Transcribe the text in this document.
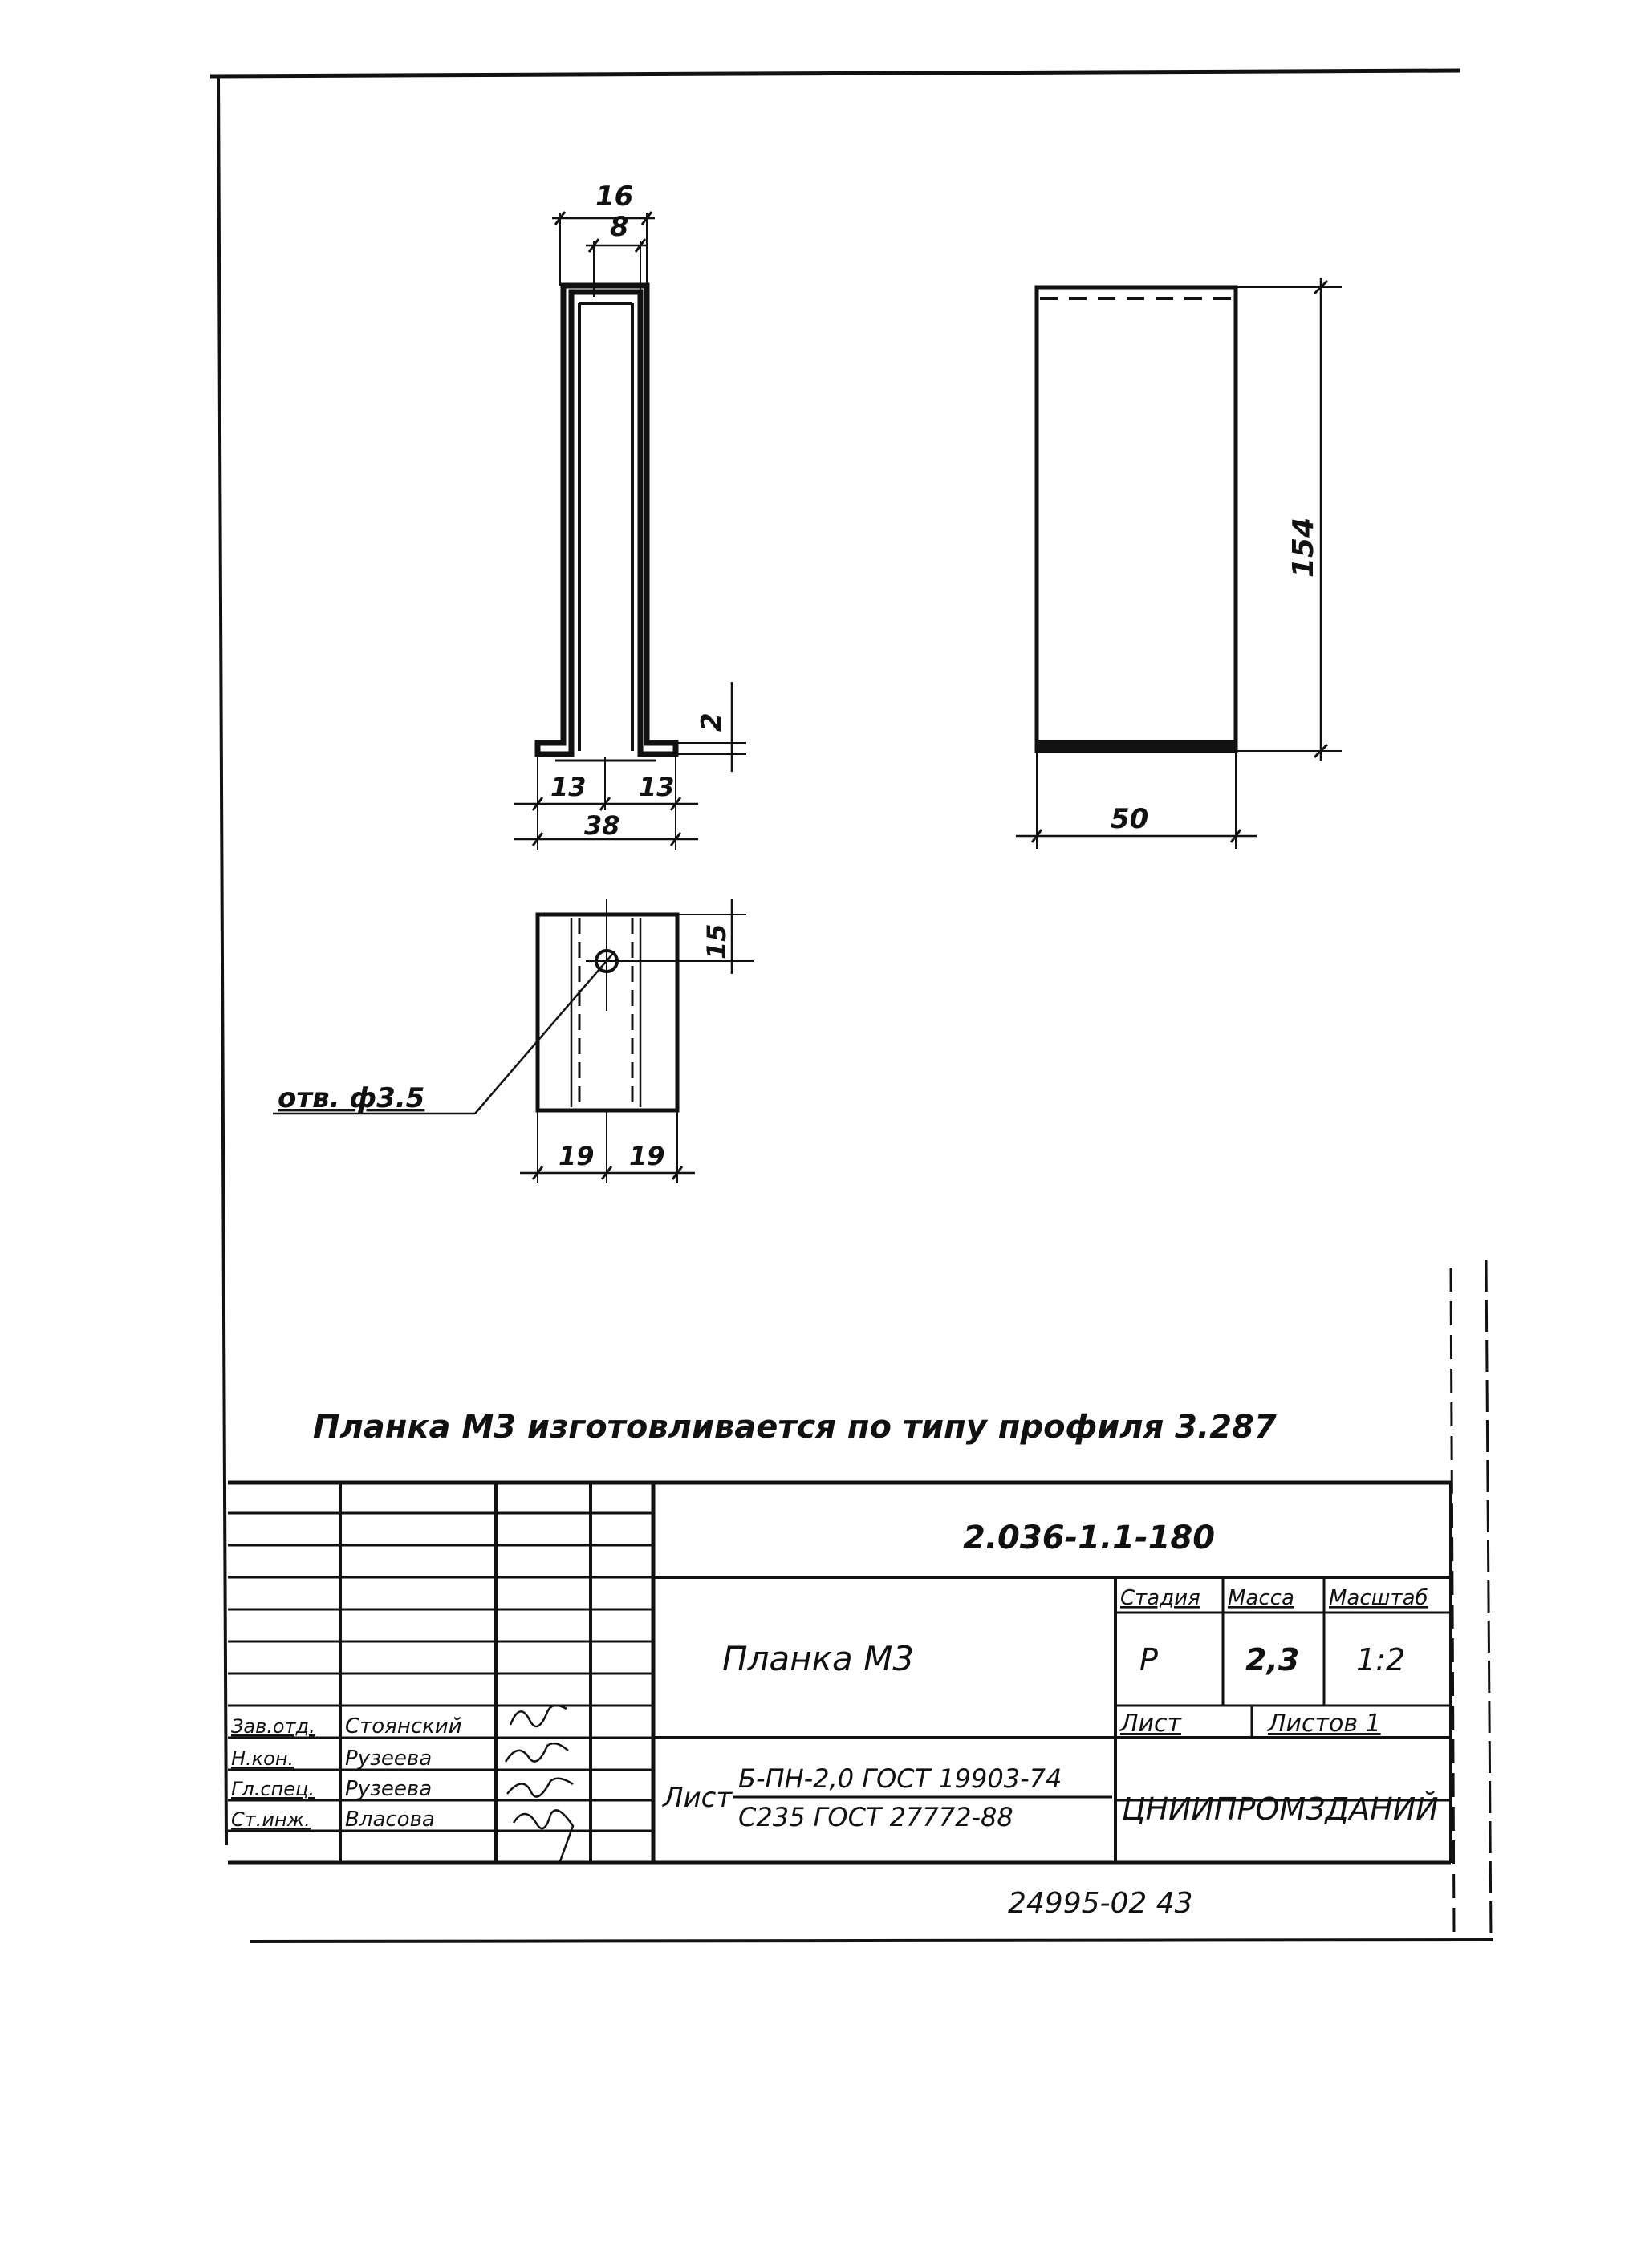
16
8
2
13 13
38
154
50
15
отв. ф3.5
19 19
Планка М3 изготовливается по типу профиля 3.287
2.036-1.1-180
Планка М3
Стадия Масса Масштаб
Р	2,3 1:2
Лист	Листов 1
Лист
Б-ПН-2,0 ГОСТ 19903-74
С235 ГОСТ 27772-88	ЦНИИПРОМЗДАНИЙ
Зав.отд. Стоянский
Н.кон. Рузеева
Гл.спец. Рузеева
Ст.инж. Власова
24995-02 43
